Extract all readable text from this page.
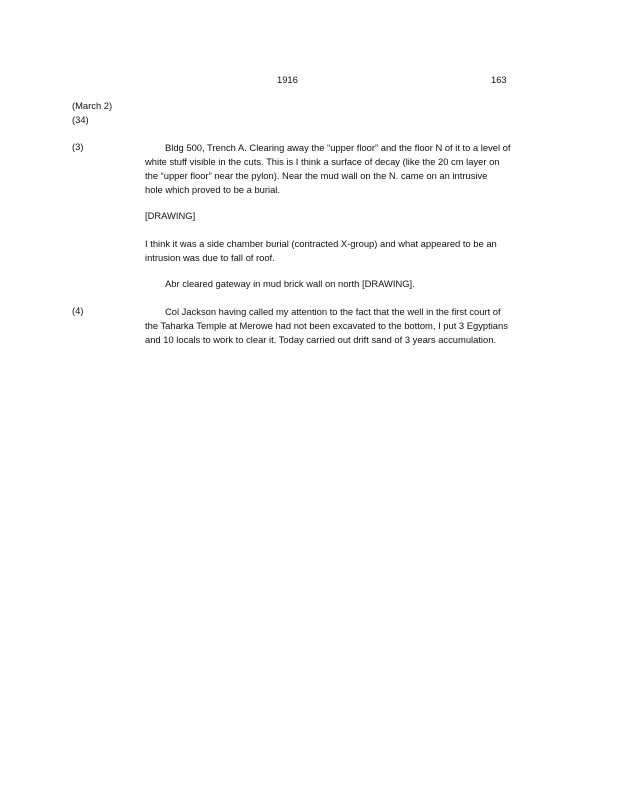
1916	163
(March 2)
(34)
(3)	Bldg 500, Trench A. Clearing away the “upper floor” and the floor N of it to a level of
white stuff visible in the cuts. This is I think a surface of decay (like the 20 cm layer on
the “upper floor” near the pylon). Near the mud wall on the N. came on an intrusive
hole which proved to be a burial.
[DRAWING]
I think it was a side chamber burial (contracted X-group) and what appeared to be an
intrusion was due to fall of roof.
Abr cleared gateway in mud brick wall on north [DRAWING].
(4)	Col Jackson having called my attention to the fact that the well in the first court of
the Taharka Temple at Merowe had not been excavated to the bottom, I put 3 Egyptians
and 10 locals to work to clear it. Today carried out drift sand of 3 years accumulation.
